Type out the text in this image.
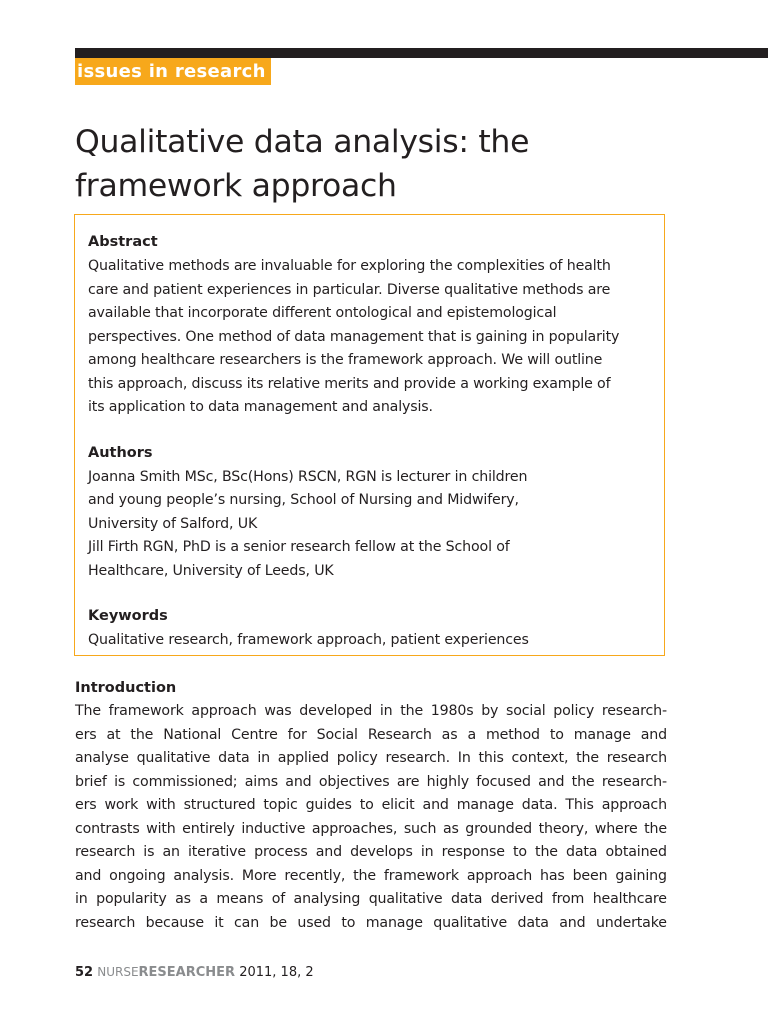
issues in research
Qualitative data analysis: the
framework approach
Abstract

Qualitative methods are invaluable for exploring the complexities of health
care and patient experiences in particular. Diverse qualitative methods are
available that incorporate different ontological and epistemological
perspectives. One method of data management that is gaining in popularity
among healthcare researchers is the framework approach. We will outline
this approach, discuss its relative merits and provide a working example of
its application to data management and analysis.

Authors

Joanna Smith MSc, BSc(Hons) RSCN, RGN is lecturer in children
and young people’s nursing, School of Nursing and Midwifery,
University of Salford, UK
Jill Firth RGN, PhD is a senior research fellow at the School of
Healthcare, University of Leeds, UK

Keywords

Qualitative research, framework approach, patient experiences

Introduction
The framework approach was developed in the 1980s by social policy research-
ers at the National Centre for Social Research as a method to manage and
analyse qualitative data in applied policy research. In this context, the research
brief is commissioned; aims and objectives are highly focused and the research-
ers work with structured topic guides to elicit and manage data. This approach
contrasts with entirely inductive approaches, such as grounded theory, where the
research is an iterative process and develops in response to the data obtained
and ongoing analysis. More recently, the framework approach has been gaining
in popularity as a means of analysing qualitative data derived from healthcare
research because it can be used to manage qualitative data and undertake
52 NURSERESEARCHER 2011, 18, 2
